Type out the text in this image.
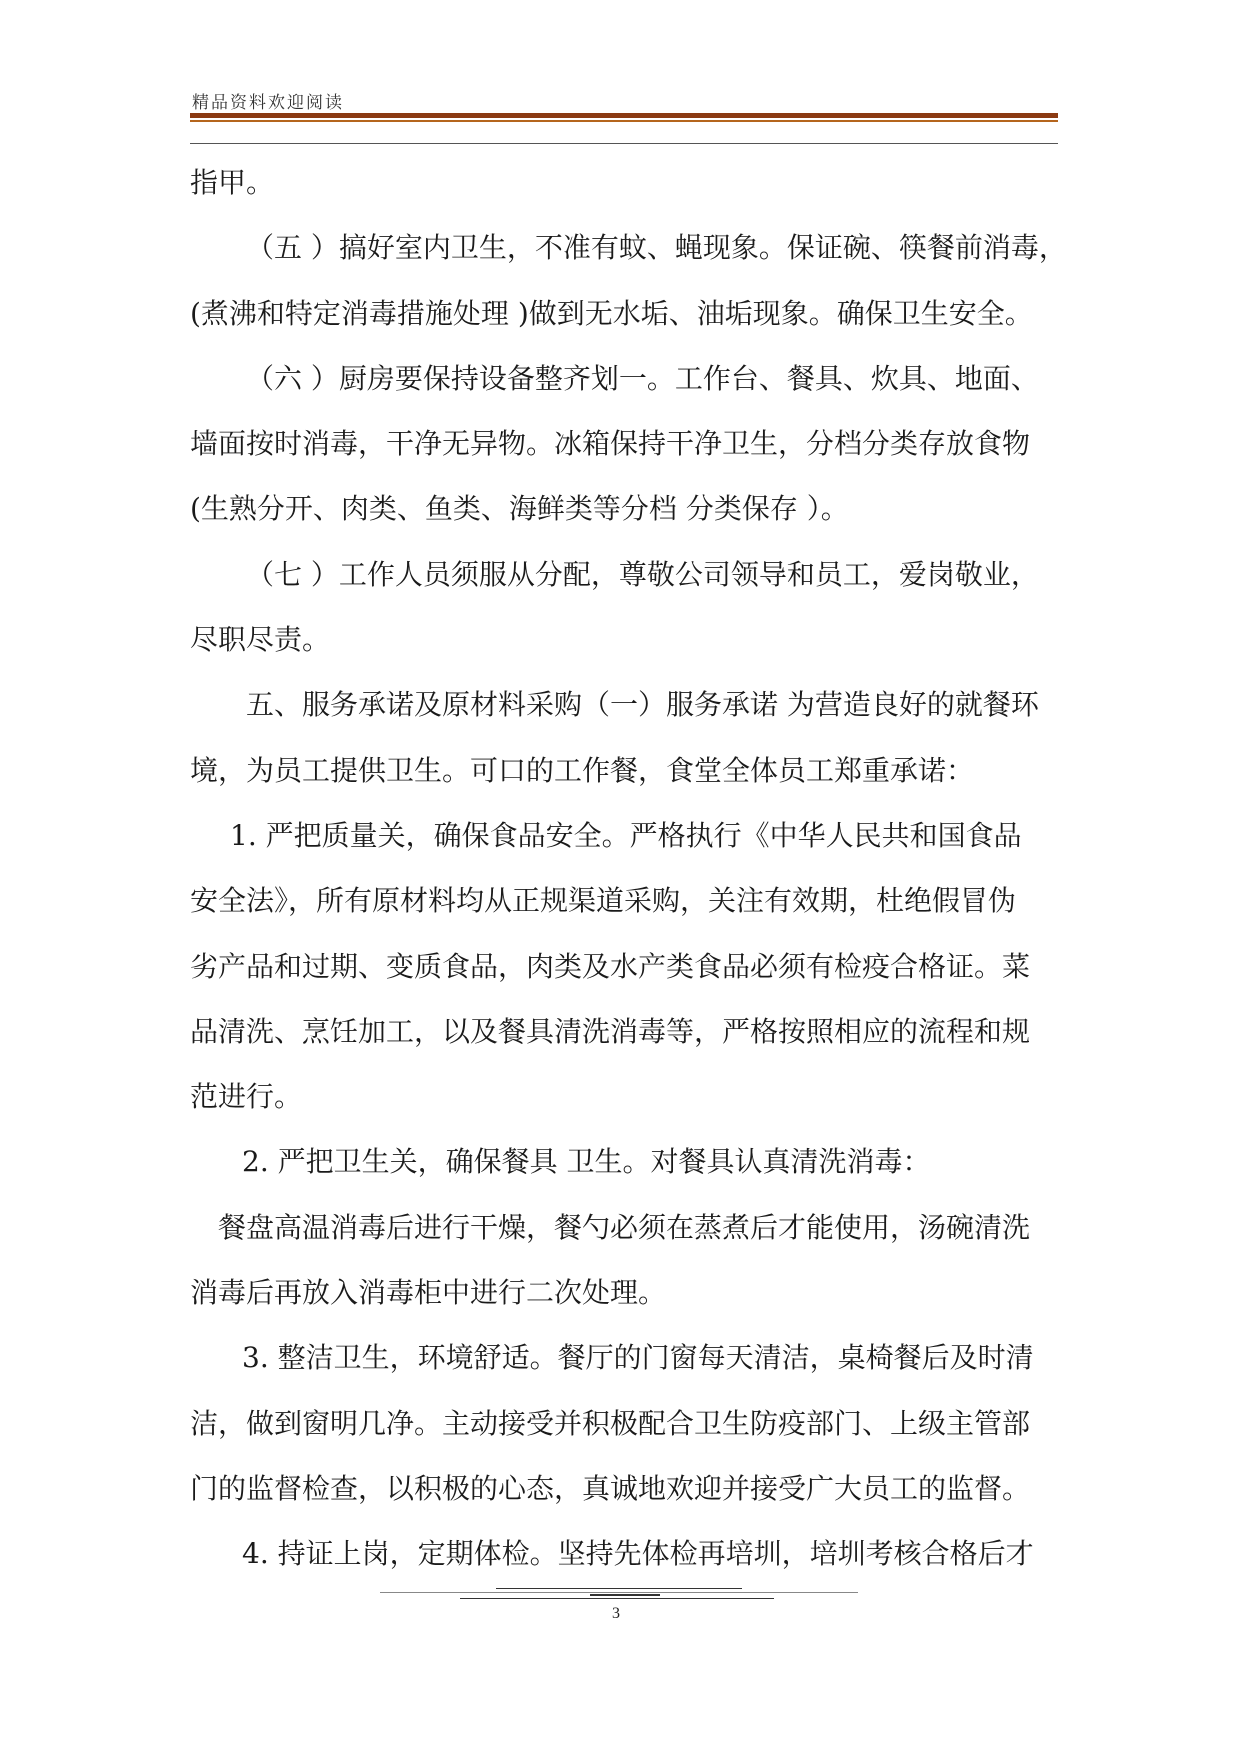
精品资料欢迎阅读
指甲。
（五 ）搞好室内卫生，不准有蚊、蝇现象。保证碗、筷餐前消毒，
(煮沸和特定消毒措施处理 )做到无水垢、油垢现象。确保卫生安全。
（六 ）厨房要保持设备整齐划一。工作台、餐具、炊具、地面、
墙面按时消毒，干净无异物。冰箱保持干净卫生，分档分类存放食物
(生熟分开、肉类、鱼类、海鲜类等分档 分类保存 ）。
（七 ）工作人员须服从分配，尊敬公司领导和员工，爱岗敬业，
尽职尽责。
五、服务承诺及原材料采购（一）服务承诺 为营造良好的就餐环
境，为员工提供卫生。可口的工作餐，食堂全体员工郑重承诺：
1. 严把质量关，确保食品安全。严格执行《中华人民共和国食品
安全法》，所有原材料均从正规渠道采购，关注有效期，杜绝假冒伪
劣产品和过期、变质食品，肉类及水产类食品必须有检疫合格证。菜
品清洗、烹饪加工，以及餐具清洗消毒等，严格按照相应的流程和规
范进行。
2. 严把卫生关，确保餐具 卫生。对餐具认真清洗消毒：
餐盘高温消毒后进行干燥，餐勺必须在蒸煮后才能使用，汤碗清洗
消毒后再放入消毒柜中进行二次处理。
3. 整洁卫生，环境舒适。餐厅的门窗每天清洁，桌椅餐后及时清
洁，做到窗明几净。主动接受并积极配合卫生防疫部门、上级主管部
门的监督检查，以积极的心态，真诚地欢迎并接受广大员工的监督。
4. 持证上岗，定期体检。坚持先体检再培圳，培圳考核合格后才
3
